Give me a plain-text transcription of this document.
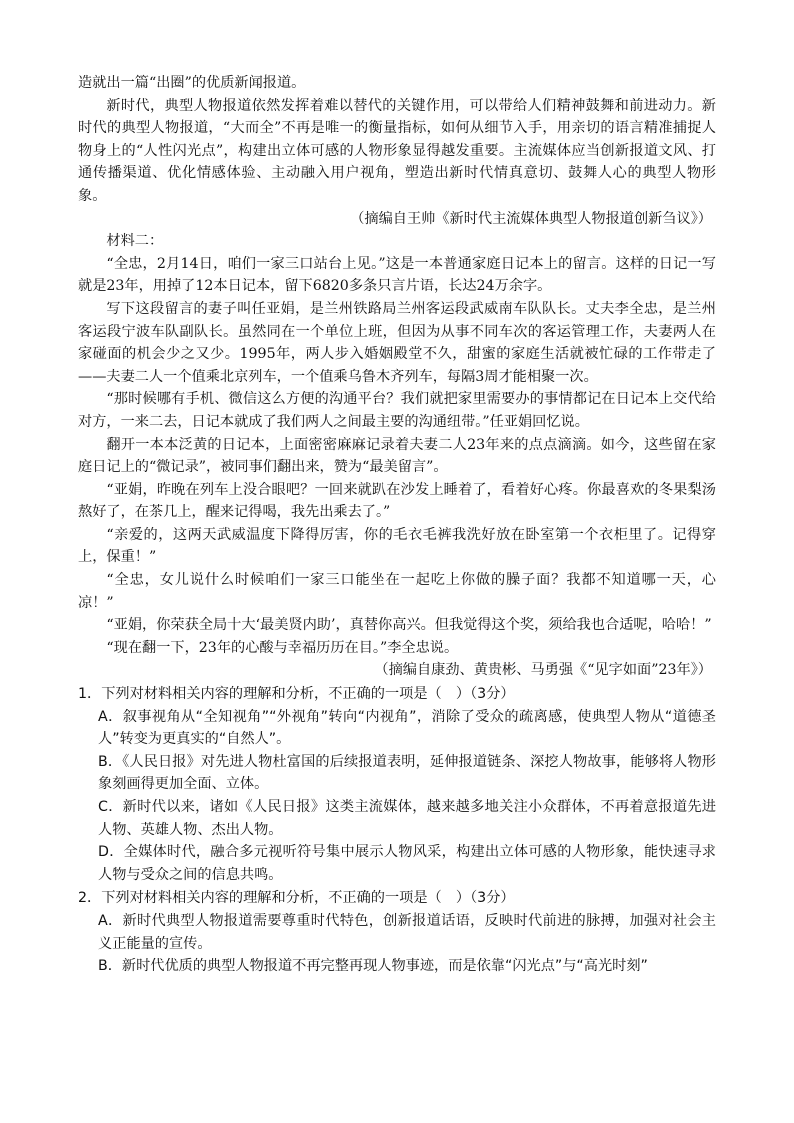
造就出一篇“出圈”的优质新闻报道。

新时代，典型人物报道依然发挥着难以替代的关键作用，可以带给人们精神鼓舞和前进动力。新时代的典型人物报道，“大而全”不再是唯一的衡量指标，如何从细节入手，用亲切的语言精准捕捉人物身上的“人性闪光点”，构建出立体可感的人物形象显得越发重要。主流媒体应当创新报道文风、打通传播渠道、优化情感体验、主动融入用户视角，塑造出新时代情真意切、鼓舞人心的典型人物形象。

（摘编自王帅《新时代主流媒体典型人物报道创新刍议》）

材料二：

“全忠，2月14日，咱们一家三口站台上见。”这是一本普通家庭日记本上的留言。这样的日记一写就是23年，用掉了12本日记本，留下6820多条只言片语，长达24万余字。

写下这段留言的妻子叫任亚娟，是兰州铁路局兰州客运段武威南车队队长。丈夫李全忠，是兰州客运段宁波车队副队长。虽然同在一个单位上班，但因为从事不同车次的客运管理工作，夫妻两人在家碰面的机会少之又少。1995年，两人步入婚姻殿堂不久，甜蜜的家庭生活就被忙碌的工作带走了——夫妻二人一个值乘北京列车，一个值乘乌鲁木齐列车，每隔3周才能相聚一次。

“那时候哪有手机、微信这么方便的沟通平台？我们就把家里需要办的事情都记在日记本上交代给对方，一来二去，日记本就成了我们两人之间最主要的沟通纽带。”任亚娟回忆说。

翻开一本本泛黄的日记本，上面密密麻麻记录着夫妻二人23年来的点点滴滴。如今，这些留在家庭日记上的“微记录”，被同事们翻出来，赞为“最美留言”。

“亚娟，昨晚在列车上没合眼吧？一回来就趴在沙发上睡着了，看着好心疼。你最喜欢的冬果梨汤熬好了，在茶几上，醒来记得喝，我先出乘去了。”

“亲爱的，这两天武威温度下降得厉害，你的毛衣毛裤我洗好放在卧室第一个衣柜里了。记得穿上，保重！”

“全忠，女儿说什么时候咱们一家三口能坐在一起吃上你做的臊子面？我都不知道哪一天，心凉！”

“亚娟，你荣获全局十大‘最美贤内助’，真替你高兴。但我觉得这个奖，须给我也合适呢，哈哈！”

“现在翻一下，23年的心酸与幸福历历在目。”李全忠说。

（摘编自康劲、黄贵彬、马勇强《“见字如面”23年》）

1．下列对材料相关内容的理解和分析，不正确的一项是（　）（3分）

A．叙事视角从“全知视角”“外视角”转向“内视角”，消除了受众的疏离感，使典型人物从“道德圣人”转变为更真实的“自然人”。

B．《人民日报》对先进人物杜富国的后续报道表明，延伸报道链条、深挖人物故事，能够将人物形象刻画得更加全面、立体。

C．新时代以来，诸如《人民日报》这类主流媒体，越来越多地关注小众群体，不再着意报道先进人物、英雄人物、杰出人物。

D．全媒体时代，融合多元视听符号集中展示人物风采，构建出立体可感的人物形象，能快速寻求人物与受众之间的信息共鸣。

2．下列对材料相关内容的理解和分析，不正确的一项是（　）（3分）

A．新时代典型人物报道需要尊重时代特色，创新报道话语，反映时代前进的脉搏，加强对社会主义正能量的宣传。

B．新时代优质的典型人物报道不再完整再现人物事迹，而是依靠“闪光点”与“高光时刻”
